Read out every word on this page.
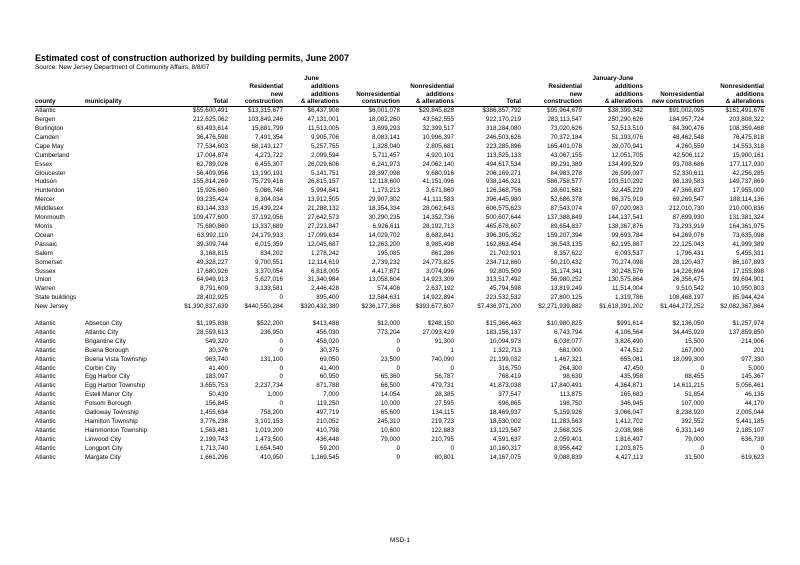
Estimated cost of construction authorized by building permits, June 2007
Source: New Jersey Department of Community Affairs, 8/8/07
				June					January-June		
			Residential	additions		Nonresidential		Residential	additions		Nonresidential
			new	additions	Nonresidential	additions		new	additions	Nonresidential	additions
county	municipality	Total	construction	& alterations	construction	& alterations	Total	construction	& alterations	new construction	& alterations
Atlantic		$55,600,491	$13,315,677	$6,437,908	$6,001,078	$29,845,828	$386,857,792	$95,964,679	$38,399,342	$91,002,095	$161,491,676
Bergen		212,625,062	103,849,246	47,131,001	18,082,260	43,562,555	922,170,219	283,113,547	250,290,626	184,957,724	203,808,322
Burlington		63,493,614	15,881,799	11,513,005	3,699,293	32,399,517	318,284,080	73,020,626	52,513,510	84,390,476	108,359,468
Camden		36,476,598	7,491,354	9,905,706	8,083,141	10,996,397	246,503,626	70,372,184	51,193,076	48,462,548	76,475,818
Cape May		77,534,603	68,143,127	5,257,755	1,328,040	2,805,681	223,285,896	165,401,078	39,070,941	4,260,559	14,553,318
Cumberland		17,004,874	4,273,722	2,099,594	5,711,457	4,920,101	113,525,133	43,067,155	12,051,705	42,506,112	15,900,161
Essex		62,789,026	6,455,307	26,029,606	6,241,973	24,062,140	494,617,534	89,291,389	134,499,529	93,708,686	177,117,930
Gloucester		56,409,956	13,190,191	5,141,751	28,397,098	9,680,916	206,169,271	84,983,278	26,599,097	52,330,611	42,256,285
Hudson		155,814,269	75,729,416	26,815,157	12,118,600	41,151,096	938,146,321	586,758,577	103,510,292	98,139,583	149,737,869
Hunterdon		15,926,660	5,086,746	5,994,841	1,173,213	3,671,860	126,368,756	28,601,681	32,445,229	47,366,837	17,955,009
Mercer		93,235,424	8,304,034	13,912,505	29,907,302	41,111,583	396,445,980	52,686,378	86,375,919	69,269,547	188,114,136
Middlesex		83,144,333	15,439,224	21,288,132	18,354,334	28,062,643	606,575,623	87,543,074	97,020,983	212,010,730	210,000,836
Monmouth		109,477,600	37,192,056	27,642,573	30,290,235	14,352,736	500,607,644	137,388,849	144,137,541	87,699,930	131,381,324
Morris		75,680,860	13,337,689	27,223,847	6,926,611	28,192,713	465,678,607	89,654,837	138,367,876	73,293,919	164,361,975
Ocean		63,992,110	24,179,933	17,099,634	14,029,702	8,682,841	396,305,352	159,207,394	99,693,784	64,269,076	73,635,098
Passaic		39,309,744	6,015,359	12,045,687	12,263,200	8,985,498	162,863,454	36,543,135	62,195,887	22,125,043	41,999,389
Salem		3,168,815	834,202	1,278,242	195,085	861,286	21,702,921	8,357,622	6,093,537	1,796,431	5,455,331
Somerset		49,328,227	9,700,551	12,114,619	2,739,232	24,773,825	234,712,860	50,210,432	70,274,098	28,120,437	86,107,893
Sussex		17,680,926	3,370,054	6,818,005	4,417,871	3,074,996	92,805,509	31,174,341	30,248,576	14,226,694	17,155,898
Union		64,949,913	5,627,016	31,340,984	13,058,604	14,923,309	313,517,492	56,980,252	130,575,864	26,356,475	99,604,901
Warren		8,791,609	3,133,581	2,446,428	574,408	2,637,192	45,794,598	13,819,249	11,514,004	9,510,542	10,950,803
State buildings		28,402,925	0	895,400	12,584,631	14,922,894	223,532,532	27,800,125	1,319,786	108,468,197	85,944,424
New Jersey		$1,390,837,639	$440,550,284	$320,432,380	$236,177,368	$393,677,607	$7,436,971,200	$2,271,939,882	$1,618,391,202	$1,464,272,252	$2,082,367,864

Atlantic	Absecon City	$1,195,838	$522,200	$413,488	$12,000	$248,150	$15,366,463	$10,980,825	$991,614	$2,136,050	$1,257,974
Atlantic	Atlantic City	28,559,613	236,950	456,030	773,204	27,093,429	183,156,137	6,743,794	4,106,564	34,445,929	137,859,850
Atlantic	Brigantine City	549,320	0	458,020	0	91,300	10,094,973	6,038,077	3,826,490	15,500	214,906
Atlantic	Buena Borough	30,376	0	30,375	0	1	1,322,713	681,000	474,512	167,000	201
Atlantic	Buena Vista Township	963,740	131,100	69,050	23,500	740,090	21,199,032	1,467,321	655,081	18,099,300	977,330
Atlantic	Corbin City	41,400	0	41,400	0	0	316,750	264,300	47,450	0	5,000
Atlantic	Egg Harbor City	183,097	0	60,950	65,360	56,787	768,419	98,639	435,958	88,455	145,367
Atlantic	Egg Harbor Township	3,655,753	2,237,734	871,788	66,500	479,731	41,873,038	17,840,491	4,364,871	14,611,215	5,056,461
Atlantic	Estell Manor City	50,439	1,000	7,000	14,054	28,385	377,547	113,875	165,683	51,854	46,135
Atlantic	Folsom Borough	156,845	0	119,250	10,000	27,595	696,865	198,750	346,945	107,000	44,170
Atlantic	Galloway Township	1,455,634	758,200	497,719	65,600	134,115	18,469,937	5,159,926	3,066,047	8,238,920	2,005,044
Atlantic	Hamilton Township	3,776,238	3,101,153	210,052	245,310	219,723	18,530,002	11,283,563	1,412,702	392,552	5,441,185
Atlantic	Hammonton Township	1,563,481	1,019,200	410,798	10,600	122,883	13,123,567	2,568,325	2,038,986	6,331,149	2,185,107
Atlantic	Linwood City	2,199,743	1,473,500	436,448	79,000	210,795	4,591,637	2,059,401	1,816,497	79,000	636,739
Atlantic	Longport City	1,713,740	1,654,540	59,200	0	0	10,160,317	8,956,442	1,203,875	0	0
Atlantic	Margate City	1,661,296	410,950	1,169,545	0	80,801	14,167,075	9,088,839	4,427,113	31,500	619,623
MSD-1
